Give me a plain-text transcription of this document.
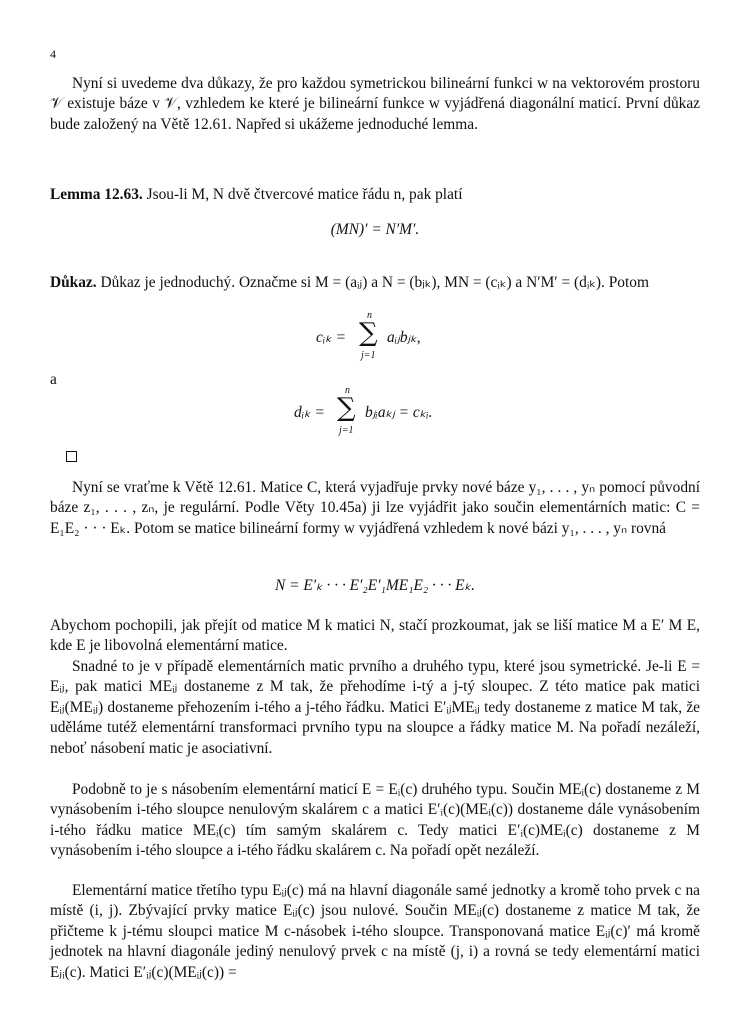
4

Nyní si uvedeme dva důkazy, že pro každou symetrickou bilineární funkci w na vektorovém prostoru 𝒱 existuje báze v 𝒱, vzhledem ke které je bilineární funkce w vyjádřená diagonální maticí. První důkaz bude založený na Větě 12.61. Napřed si ukážeme jednoduché lemma.

Lemma 12.63. Jsou-li M, N dvě čtvercové matice řádu n, pak platí

(MN)′ = N′M′.

Důkaz. Důkaz je jednoduchý. Označme si M = (aᵢⱼ) a N = (bⱼₖ), MN = (cᵢₖ) a N′M′ = (dᵢₖ). Potom

cᵢₖ =
n
∑
j=1
aᵢⱼbⱼₖ,
a
dᵢₖ =
n
∑
j=1
bⱼᵢaₖⱼ = cₖᵢ.

Nyní se vraťme k Větě 12.61. Matice C, která vyjadřuje prvky nové báze y₁, . . . , yₙ pomocí původní báze z₁, . . . , zₙ, je regulární. Podle Věty 10.45a) ji lze vyjádřit jako součin elementárních matic: C = E₁E₂ · · · Eₖ. Potom se matice bilineární formy w vyjádřená vzhledem k nové bázi y₁, . . . , yₙ rovná

N = E′ₖ · · · E′₂E′₁ME₁E₂ · · · Eₖ.

Abychom pochopili, jak přejít od matice M k matici N, stačí prozkoumat, jak se liší matice M a E′ M E, kde E je libovolná elementární matice.

Snadné to je v případě elementárních matic prvního a druhého typu, které jsou symetrické. Je-li E = Eᵢⱼ, pak matici MEᵢⱼ dostaneme z M tak, že přehodíme i-tý a j-tý sloupec. Z této matice pak matici Eᵢⱼ(MEᵢⱼ) dostaneme přehozením i-tého a j-tého řádku. Matici E′ᵢⱼMEᵢⱼ tedy dostaneme z matice M tak, že uděláme tutéž elementární transformaci prvního typu na sloupce a řádky matice M. Na pořadí nezáleží, neboť násobení matic je asociativní.

Podobně to je s násobením elementární maticí E = Eᵢ(c) druhého typu. Součin MEᵢ(c) dostaneme z M vynásobením i-tého sloupce nenulovým skalárem c a matici E′ᵢ(c)(MEᵢ(c)) dostaneme dále vynásobením i-tého řádku matice MEᵢ(c) tím samým skalárem c. Tedy matici E′ᵢ(c)MEᵢ(c) dostaneme z M vynásobením i-tého sloupce a i-tého řádku skalárem c. Na pořadí opět nezáleží.

Elementární matice třetího typu Eᵢⱼ(c) má na hlavní diagonále samé jednotky a kromě toho prvek c na místě (i, j). Zbývající prvky matice Eᵢⱼ(c) jsou nulové. Součin MEᵢⱼ(c) dostaneme z matice M tak, že přičteme k j-tému sloupci matice M c-násobek i-tého sloupce. Transponovaná matice Eᵢⱼ(c)′ má kromě jednotek na hlavní diagonále jediný nenulový prvek c na místě (j, i) a rovná se tedy elementární matici Eⱼᵢ(c). Matici E′ᵢⱼ(c)(MEᵢⱼ(c)) =
